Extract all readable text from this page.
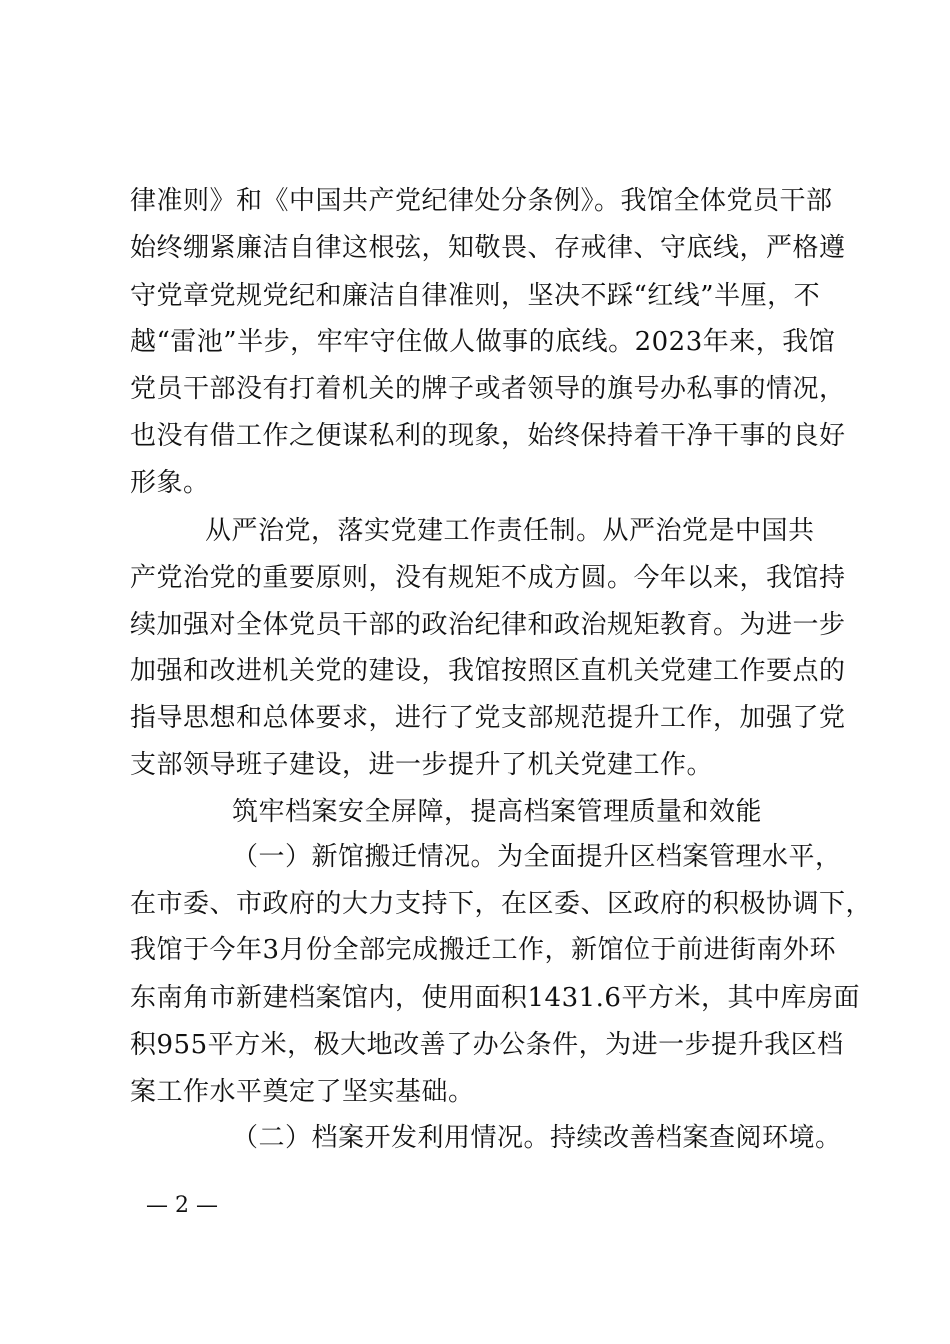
律准则》和《中国共产党纪律处分条例》。我馆全体党员干部
始终绷紧廉洁自律这根弦，知敬畏、存戒律、守底线，严格遵
守党章党规党纪和廉洁自律准则，坚决不踩“红线”半厘，不
越“雷池”半步，牢牢守住做人做事的底线。2023年来，我馆
党员干部没有打着机关的牌子或者领导的旗号办私事的情况，
也没有借工作之便谋私利的现象，始终保持着干净干事的良好
形象。
从严治党，落实党建工作责任制。从严治党是中国共
产党治党的重要原则，没有规矩不成方圆。今年以来，我馆持
续加强对全体党员干部的政治纪律和政治规矩教育。为进一步
加强和改进机关党的建设，我馆按照区直机关党建工作要点的
指导思想和总体要求，进行了党支部规范提升工作，加强了党
支部领导班子建设，进一步提升了机关党建工作。
筑牢档案安全屏障，提高档案管理质量和效能
（一）新馆搬迁情况。为全面提升区档案管理水平，
在市委、市政府的大力支持下，在区委、区政府的积极协调下，
我馆于今年3月份全部完成搬迁工作，新馆位于前进街南外环
东南角市新建档案馆内，使用面积1431.6平方米，其中库房面
积955平方米，极大地改善了办公条件，为进一步提升我区档
案工作水平奠定了坚实基础。
（二）档案开发利用情况。持续改善档案查阅环境。
— 2 —
